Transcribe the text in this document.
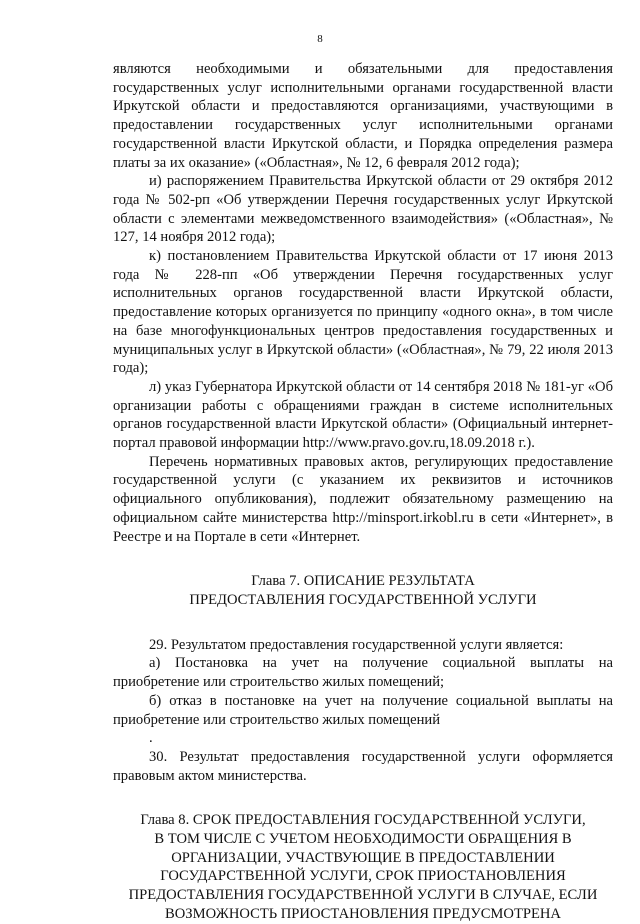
8

являются необходимыми и обязательными для предоставления государственных услуг исполнительными органами государственной власти Иркутской области и предоставляются организациями, участвующими в предоставлении государственных услуг исполнительными органами государственной власти Иркутской области, и Порядка определения размера платы за их оказание» («Областная», № 12, 6 февраля 2012 года);

и) распоряжением Правительства Иркутской области от 29 октября 2012 года № 502-рп «Об утверждении Перечня государственных услуг Иркутской области с элементами межведомственного взаимодействия» («Областная», № 127, 14 ноября 2012 года);

к) постановлением Правительства Иркутской области от 17 июня 2013 года № 228-пп «Об утверждении Перечня государственных услуг исполнительных органов государственной власти Иркутской области, предоставление которых организуется по принципу «одного окна», в том числе на базе многофункциональных центров предоставления государственных и муниципальных услуг в Иркутской области» («Областная», № 79, 22 июля 2013 года);

л) указ Губернатора Иркутской области от 14 сентября 2018 № 181-уг «Об организации работы с обращениями граждан в системе исполнительных органов государственной власти Иркутской области» (Официальный интернет-портал правовой информации http://www.pravo.gov.ru,18.09.2018 г.).

Перечень нормативных правовых актов, регулирующих предоставление государственной услуги (с указанием их реквизитов и источников официального опубликования), подлежит обязательному размещению на официальном сайте министерства http://minsport.irkobl.ru в сети «Интернет», в Реестре и на Портале в сети «Интернет.

Глава 7. ОПИСАНИЕ РЕЗУЛЬТАТА

ПРЕДОСТАВЛЕНИЯ ГОСУДАРСТВЕННОЙ УСЛУГИ

29. Результатом предоставления государственной услуги является:

а) Постановка на учет на получение социальной выплаты на приобретение или строительство жилых помещений;

б) отказ в постановке на учет на получение социальной выплаты на приобретение или строительство жилых помещений

.

30. Результат предоставления государственной услуги оформляется правовым актом министерства.

Глава 8. СРОК ПРЕДОСТАВЛЕНИЯ ГОСУДАРСТВЕННОЙ УСЛУГИ,

В ТОМ ЧИСЛЕ С УЧЕТОМ НЕОБХОДИМОСТИ ОБРАЩЕНИЯ В

ОРГАНИЗАЦИИ, УЧАСТВУЮЩИЕ В ПРЕДОСТАВЛЕНИИ

ГОСУДАРСТВЕННОЙ УСЛУГИ, СРОК ПРИОСТАНОВЛЕНИЯ

ПРЕДОСТАВЛЕНИЯ ГОСУДАРСТВЕННОЙ УСЛУГИ В СЛУЧАЕ, ЕСЛИ

ВОЗМОЖНОСТЬ ПРИОСТАНОВЛЕНИЯ ПРЕДУСМОТРЕНА
